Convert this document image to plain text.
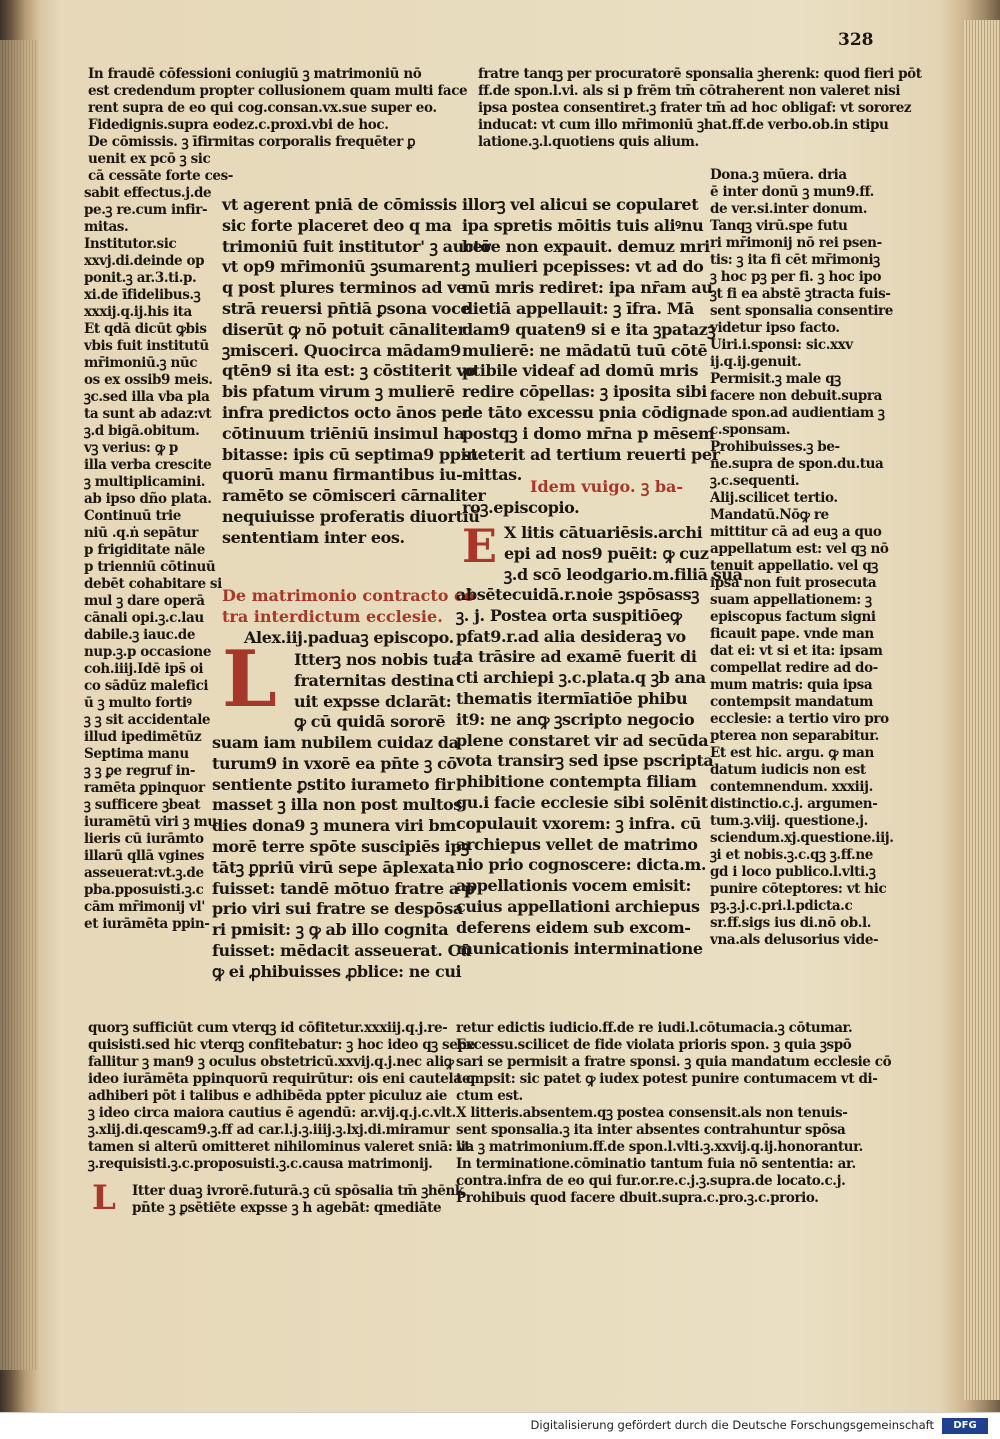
328
In fraudē cōfessioni coniugiū ꝫ matrimoniū nō
est credendum propter collusionem quam multi face
rent supra de eo qui cog.consan.vx.sue super eo.
Fidedignis.supra eodez.c.proxi.vbi de hoc.
De cōmissis. ꝫ īfirmitas corporalis frequēter ꝑ
uenit ex pcō ꝫ sic
cā cessāte forte ces-
fratre tanqꝫ per procuratorē sponsalia ꝫherenk: quod fieri pōt
ff.de spon.l.vi. als si p frēm tm̄ cōtraherent non valeret nisi
ipsa postea consentiret.ꝫ frater tm̄ ad hoc obligaf: vt sororez
inducat: vt cum illo mr̄imoniū ꝫhat.ff.de verbo.ob.in stipu
latione.ꝫ.l.quotiens quis alium.
sabit effectus.j.de
pe.ꝫ re.cum infir-
mitas.
Institutor.sic
xxvj.di.deinde op
ponit.ꝫ ar.3.ti.p.
xi.de īfidelibus.ꝫ
xxxij.q.ij.his ita
Et qdā dicūt ꝙbis
vbis fuit institutū
mr̄imoniū.ꝫ nūc
os ex ossib9 meis.
ꝫc.sed illa vba pla
ta sunt ab adaz:vt
ꝫ.d bigā.obitum.
vꝫ verius: ꝙ p
illa verba crescite
ꝫ multiplicamini.
ab ipso dño plata.
Continuū trie
niū .q.ṅ sepātur
p frigiditate nāle
p trienniū cōtinuū
debēt cohabitare si
mul ꝫ dare operā
cānali opi.ꝫ.c.lau
dabile.ꝫ iauc.de
nup.ꝫ.p occasione
coh.iiij.Idē ips̄ oi
co sādūz malefici
ū ꝫ multo fortiꝰ
ꝫ ꝫ sit accidentale
illud ipedimētūz
Septima manu
ꝫ ꝫ ꝑe regruf in-
ramēta ꝑpinquor
ꝫ sufficere ꝫbeat
iuramētū viri ꝫ mu
lieris cū iurāmto
illarū qllā vgines
asseuerat:vt.ꝫ.de
pba.pposuisti.ꝫ.c
cām mr̄imonij vl'
et iurāmēta ppin-
vt agerent pniā de cōmissis
sic forte placeret deo q ma
trimoniū fuit institutor' ꝫ auctō
vt op9 mr̄imoniū ꝫsumarent.
q post plures terminos ad ve
strā reuersi pn̄tiā ꝑsona voce
diserūt ꝙ nō potuit cānaliter
ꝫmisceri. Quocirca mādam9
qtēn9 si ita est: ꝫ cōstiterit vo
bis pfatum virum ꝫ mulierē
infra predictos octo ānos per
cōtinuum triēniū insimul ha
bitasse: ipis cū septima9 ppin
quorū manu firmantibus iu-
ramēto se cōmisceri cārnaliter
nequiuisse proferatis diuortiū
sententiam inter eos.
De matrimonio contracto cō
tra interdictum ecclesie.
Alex.iij.paduaꝫ episcopo.
L Itterꝫ nos nobis tua
fraternitas destina
uit expsse dclarāt:
ꝙ cū quidā sororē
suam iam nubilem cuidaz da
turum9 in vxorē ea pn̄te ꝫ cō
sentiente ꝑstito iurameto fir
masset ꝫ illa non post multos
dies dona9 ꝫ munera viri bm
morē terre spōte suscipiēs ipꝫ
tātꝫ ꝑpriū virū sepe āplexata
fuisset: tandē mōtuo fratre a p
prio viri sui fratre se despōsa
ri pmisit: ꝫ ꝙ ab illo cognita
fuisset: mēdacit asseuerat. Cū
ꝙ ei ꝓhibuisses ꝓblice: ne cui
illorꝫ vel alicui se copularet
ipa spretis mōitis tuis aliꝰnu
bere non expauit. demuz mri
ꝫ mulieri pcepisses: vt ad do
mū mris rediret: ipa nr̄am au
dietiā appellauit: ꝫ īfra. Mā
dam9 quaten9 si e ita ꝫpatazꝫ
mulierē: ne mādatū tuū cōtē
ptibile videaf ad domū mris
redire cōpellas: ꝫ iposita sibi
de tāto excessu pnia cōdigna
postqꝫ i domo mr̄na p mēsem
steterit ad tertium reuerti per
mittas.
Idem vuigo. ꝫ ba-
roꝫ.episcopio.
E X litis cātuariēsis.archi
epi ad nos9 puēit: ꝙ cuz
ꝫ.d scō leodgario.m.filiā suā
absētecuidā.r.noie ꝫspōsassꝫ
ꝫ. j. Postea orta suspitiōeꝙ
pfat9.r.ad alia desideraꝫ vo
ta trāsire ad examē fuerit di
cti archiepi ꝫ.c.plata.q ꝫb ana
thematis itermīatiōe phibu
it9: ne anꝙ ꝫscripto negocio
plene constaret vir ad secūda
vota transirꝫ sed ipse pscripta
phibitione contempta filiam
gu.i facie ecclesie sibi solēnit
copulauit vxorem: ꝫ infra. cū
archiepus vellet de matrimo
nio prio cognoscere: dicta.m.
appellationis vocem emisit:
cuius appellationi archiepus
deferens eidem sub excom-
municationis interminatione
Dona.ꝫ mūera. dria
ē inter donū ꝫ mun9.ff.
de ver.si.inter donum.
Tanqꝫ virū.spe futu
ri mr̄imonij nō rei psen-
tis: ꝫ ita fi cēt mr̄imoniꝫ
ꝫ hoc pꝫ per fi. ꝫ hoc ipo
ꝫt fi ea abstē ꝫtracta fuis-
sent sponsalia consentire
videtur ipso facto.
Uiri.i.sponsi: sic.xxv
ij.q.ij.genuit.
Permisit.ꝫ male qꝫ
facere non debuit.supra
de spon.ad audientiam ꝫ
c.sponsam.
Prohibuisses.ꝫ be-
ne.supra de spon.du.tua
ꝫ.c.sequenti.
Alij.scilicet tertio.
Mandatū.Nōꝙ re
mittitur cā ad euꝫ a quo
appellatum est: vel qꝫ nō
tenuit appellatio. vel qꝫ
ipsa non fuit prosecuta
suam appellationem: ꝫ
episcopus factum signi
ficauit pape. vnde man
dat ei: vt si et ita: ipsam
compellat redire ad do-
mum matris: quia ipsa
contempsit mandatum
ecclesie: a tertio viro pro
pterea non separabitur.
Et est hic. argu. ꝙ man
datum iudicis non est
contemnendum. xxxiij.
distinctio.c.j. argumen-
tum.ꝫ.viij. questione.j.
sciendum.xj.questione.iij.
ꝫi et nobis.ꝫ.c.qꝫ ꝫ.ff.ne
gd i loco publico.l.vlti.ꝫ
punire cōteptores: vt hic
pꝫ.ꝫ.j.c.pri.l.pdicta.c
sr.ff.sigs ius di.nō ob.l.
vna.als delusorius vide-
quorꝫ sufficiūt cum vterqꝫ id cōfitetur.xxxiij.q.j.re-
quisisti.sed hic vterqꝫ confitebatur: ꝫ hoc ideo qꝫ sepe
fallitur ꝫ man9 ꝫ oculus obstetricū.xxvij.q.j.nec aliꝙ
ideo iurāmēta ppinquorū requirūtur: ois eni cautela q
adhiberi pōt i talibus e adhibēda ppter piculuz aie
ꝫ ideo circa maiora cautius ē agendū: ar.vij.q.j.c.vlt.
ꝫ.xlij.di.qescam9.ꝫ.ff ad car.l.j.ꝫ.iiij.ꝫ.lxj.di.miramur
tamen si alterū omitteret nihilominus valeret sniā: vt
ꝫ.requisisti.ꝫ.c.proposuisti.ꝫ.c.causa matrimonij.
L Itter duaꝫ ivrorē.futurā.ꝫ cū spōsalia tm̄ ꝫhēnk
pn̄te ꝫ ꝑsētiēte expsse ꝫ h agebāt: qmediāte
retur edictis iudicio.ff.de re iudi.l.cōtumacia.ꝫ cōtumar.
Excessu.scilicet de fide violata prioris spon. ꝫ quia ꝫspō
sari se permisit a fratre sponsi. ꝫ quia mandatum ecclesie cō
tempsit: sic patet ꝙ iudex potest punire contumacem vt di-
ctum est.
X litteris.absentem.qꝫ postea consensit.als non tenuis-
sent sponsalia.ꝫ ita inter absentes contrahuntur spōsa
lia ꝫ matrimonium.ff.de spon.l.vlti.ꝫ.xxvij.q.ij.honorantur.
In terminatione.cōminatio tantum fuia nō sententia: ar.
contra.infra de eo qui fur.or.re.c.j.ꝫ.supra.de locato.c.j.
Prohibuis quod facere dbuit.supra.c.pro.ꝫ.c.prorio.
Digitalisierung gefördert durch die Deutsche Forschungsgemeinschaft	DFG
